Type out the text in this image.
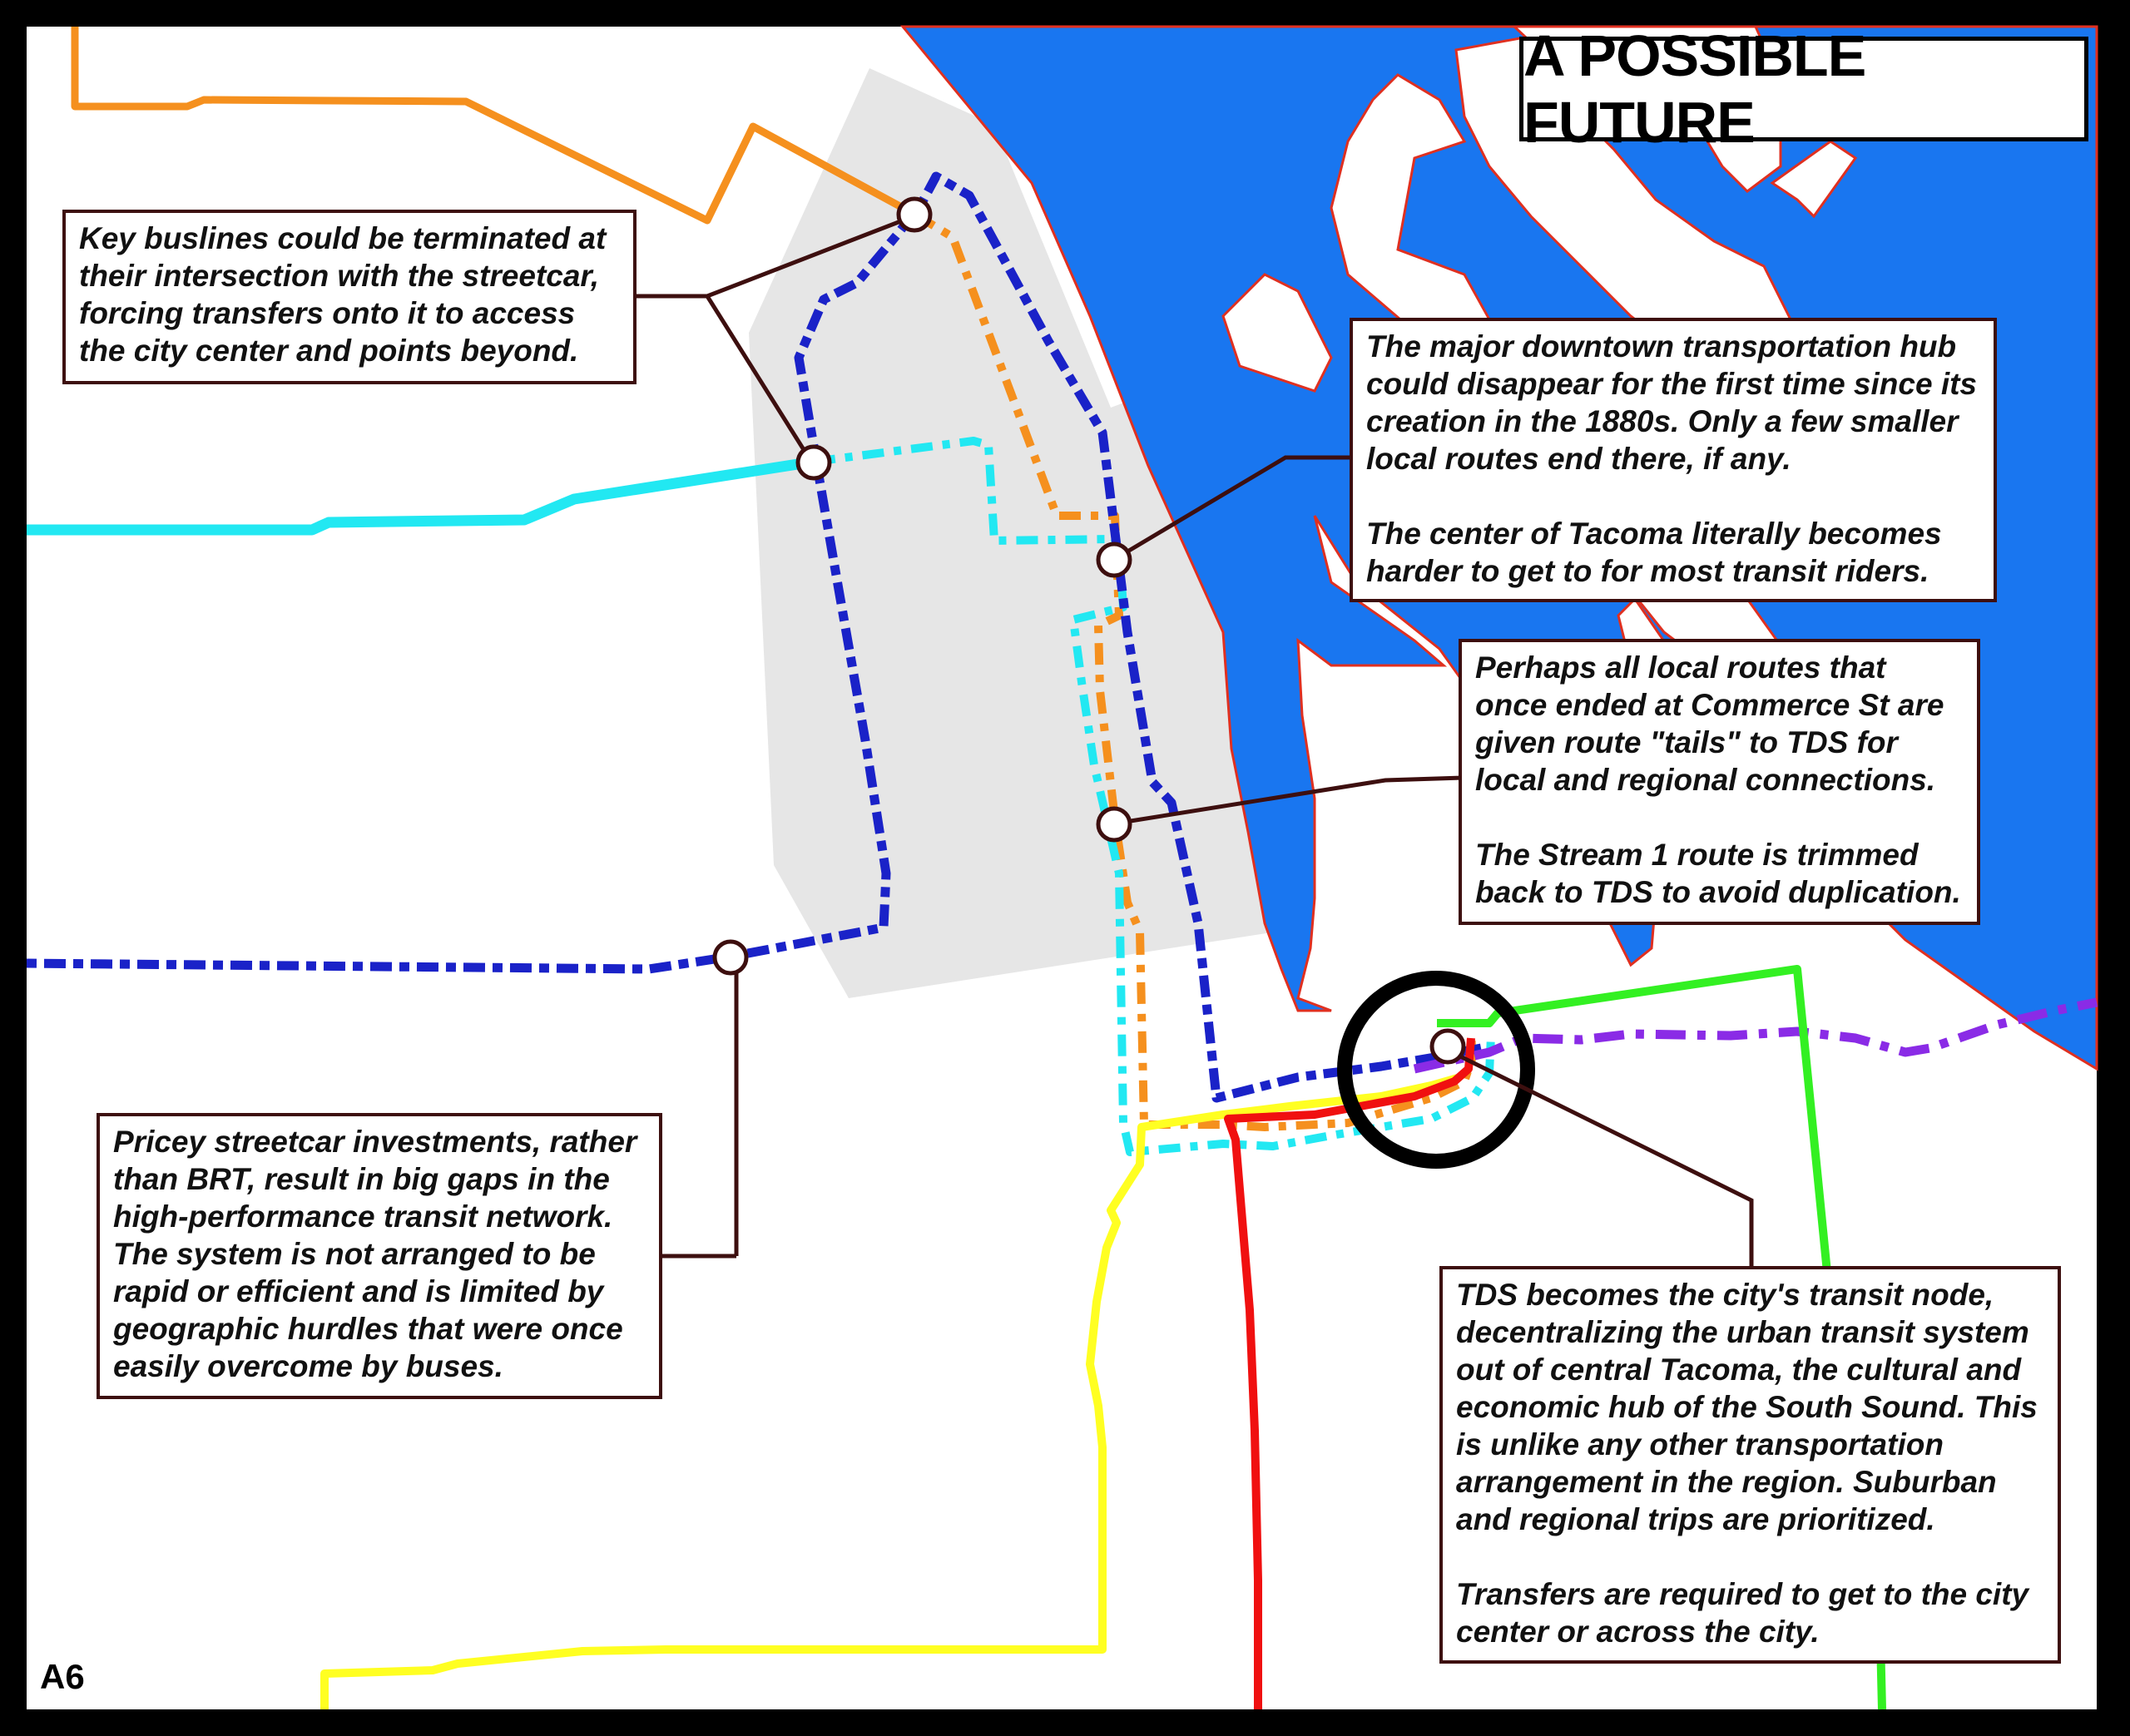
A POSSIBLE FUTURE

Key buslines could be terminated at their intersection with the streetcar, forcing transfers onto it to access the city center and points beyond.	The major downtown transportation hub could disappear for the first time since its creation in the 1880s. Only a few smaller local routes end there, if any.

The center of Tacoma literally becomes harder to get to for most transit riders.

Perhaps all local routes that once ended at Commerce St are given route "tails" to TDS for local and regional connections.

The Stream 1 route is trimmed back to TDS to avoid duplication.

Pricey streetcar investments, rather than BRT, result in big gaps in the high-performance transit network. The system is not arranged to be rapid or efficient and is limited by geographic hurdles that were once easily overcome by buses.

TDS becomes the city's transit node, decentralizing the urban transit system out of central Tacoma, the cultural and economic hub of the South Sound. This is unlike any other transportation arrangement in the region. Suburban and regional trips are prioritized.

Transfers are required to get to the city center or across the city.

A6
